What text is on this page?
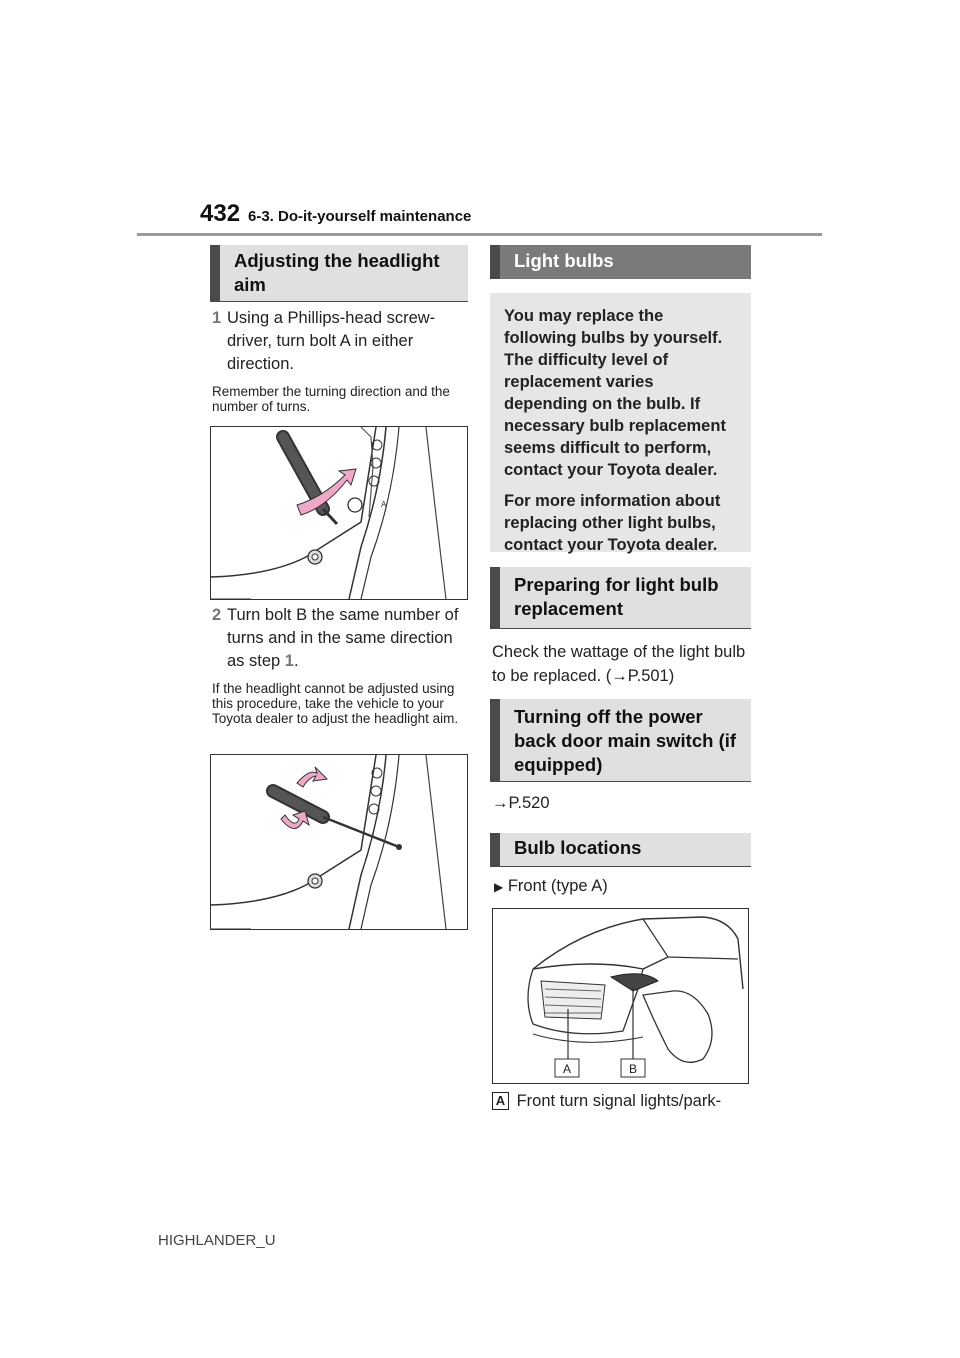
432 6-3. Do-it-yourself maintenance
Adjusting the headlight aim
1 Using a Phillips-head screw-driver, turn bolt A in either direction.
Remember the turning direction and the number of turns.
A
2 Turn bolt B the same number of turns and in the same direction as step 1.
If the headlight cannot be adjusted using this procedure, take the vehicle to your Toyota dealer to adjust the headlight aim.
Light bulbs

You may replace the following bulbs by yourself. The difficulty level of replacement varies depending on the bulb. If necessary bulb replacement seems difficult to perform, contact your Toyota dealer.

For more information about replacing other light bulbs, contact your Toyota dealer.

Preparing for light bulb replacement
Check the wattage of the light bulb to be replaced. (→P.501)
Turning off the power back door main switch (if equipped)
→P.520
Bulb locations
▶ Front (type A)
A	B
A Front turn signal lights/park-
HIGHLANDER_U
